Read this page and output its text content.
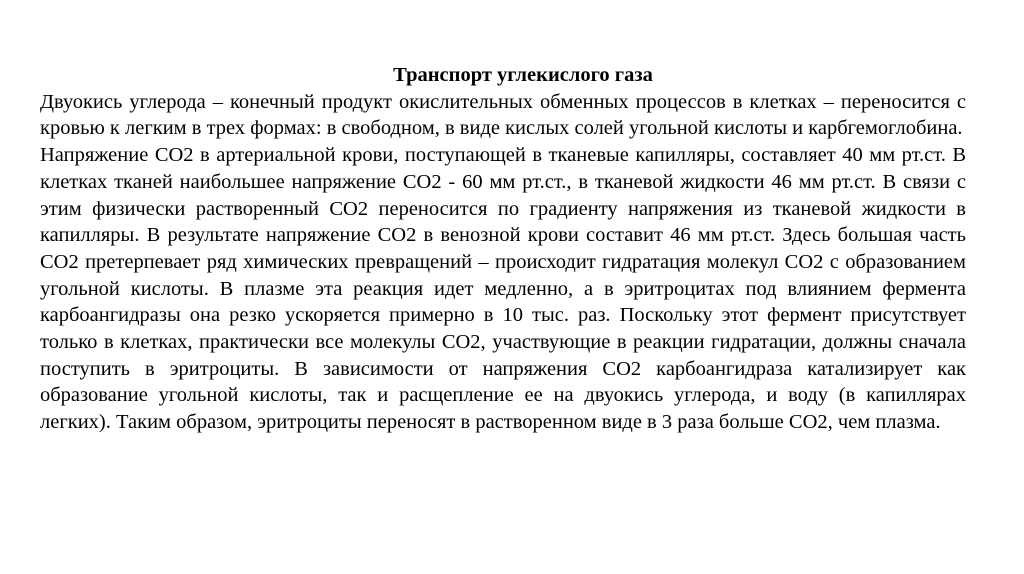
Транспорт углекислого газа

Двуокись углерода – конечный продукт окислительных обменных процессов в клетках – переносится с кровью к легким в трех формах: в свободном, в виде кислых солей угольной кислоты и карбгемоглобина.

Напряжение СО2 в артериальной крови, поступающей в тканевые капилляры, составляет 40 мм рт.ст. В клетках тканей наибольшее напряжение СО2 - 60 мм рт.ст., в тканевой жидкости 46 мм рт.ст. В связи с этим физически растворенный СО2 переносится по градиенту напряжения из тканевой жидкости в капилляры. В результате напряжение СО2 в венозной крови составит 46 мм рт.ст. Здесь большая часть СО2 претерпевает ряд химических превращений – происходит гидратация молекул СО2 с образованием угольной кислоты. В плазме эта реакция идет медленно, а в эритроцитах под влиянием фермента карбоангидразы она резко ускоряется примерно в 10 тыс. раз. Поскольку этот фермент присутствует только в клетках, практически все молекулы СО2, участвующие в реакции гидратации, должны сначала поступить в эритроциты. В зависимости от напряжения СО2 карбоангидраза катализирует как образование угольной кислоты, так и расщепление ее на двуокись углерода, и воду (в капиллярах легких). Таким образом, эритроциты переносят в растворенном виде в 3 раза больше СО2, чем плазма.
